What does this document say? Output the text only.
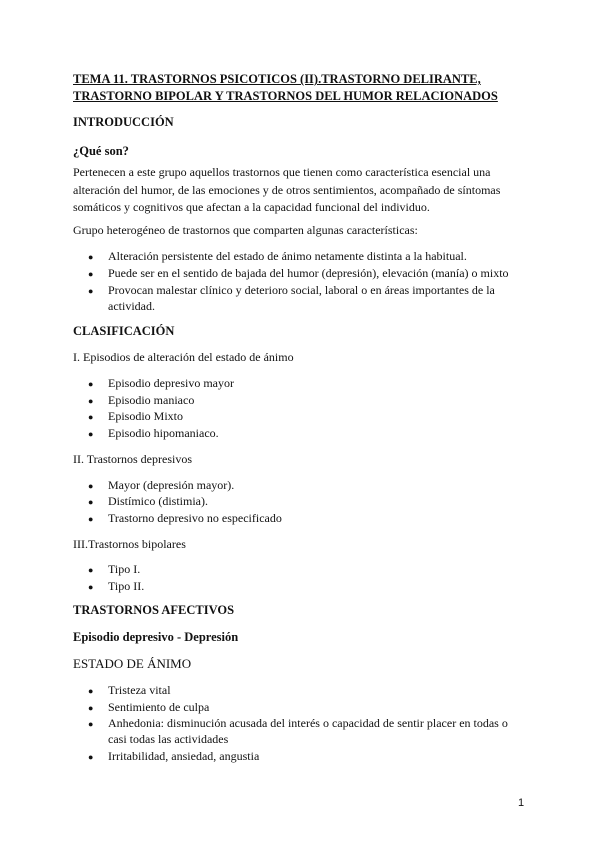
TEMA 11. TRASTORNOS PSICOTICOS (II).TRASTORNO DELIRANTE,
TRASTORNO BIPOLAR Y TRASTORNOS DEL HUMOR RELACIONADOS
INTRODUCCIÓN
¿Qué son?
Pertenecen a este grupo aquellos trastornos que tienen como característica esencial una
alteración del humor, de las emociones y de otros sentimientos, acompañado de síntomas
somáticos y cognitivos que afectan a la capacidad funcional del individuo.
Grupo heterogéneo de trastornos que comparten algunas características:
● Alteración persistente del estado de ánimo netamente distinta a la habitual.
● Puede ser en el sentido de bajada del humor (depresión), elevación (manía) o mixto
● Provocan malestar clínico y deterioro social, laboral o en áreas importantes de la
actividad.
CLASIFICACIÓN
I. Episodios de alteración del estado de ánimo
● Episodio depresivo mayor
● Episodio maniaco
● Episodio Mixto
● Episodio hipomaniaco.
II. Trastornos depresivos
● Mayor (depresión mayor).
● Distímico (distimia).
● Trastorno depresivo no especificado
III.Trastornos bipolares
● Tipo I.
● Tipo II.
TRASTORNOS AFECTIVOS
Episodio depresivo - Depresión
ESTADO DE ÁNIMO
● Tristeza vital
● Sentimiento de culpa
● Anhedonia: disminución acusada del interés o capacidad de sentir placer en todas o
casi todas las actividades
● Irritabilidad, ansiedad, angustia
1
